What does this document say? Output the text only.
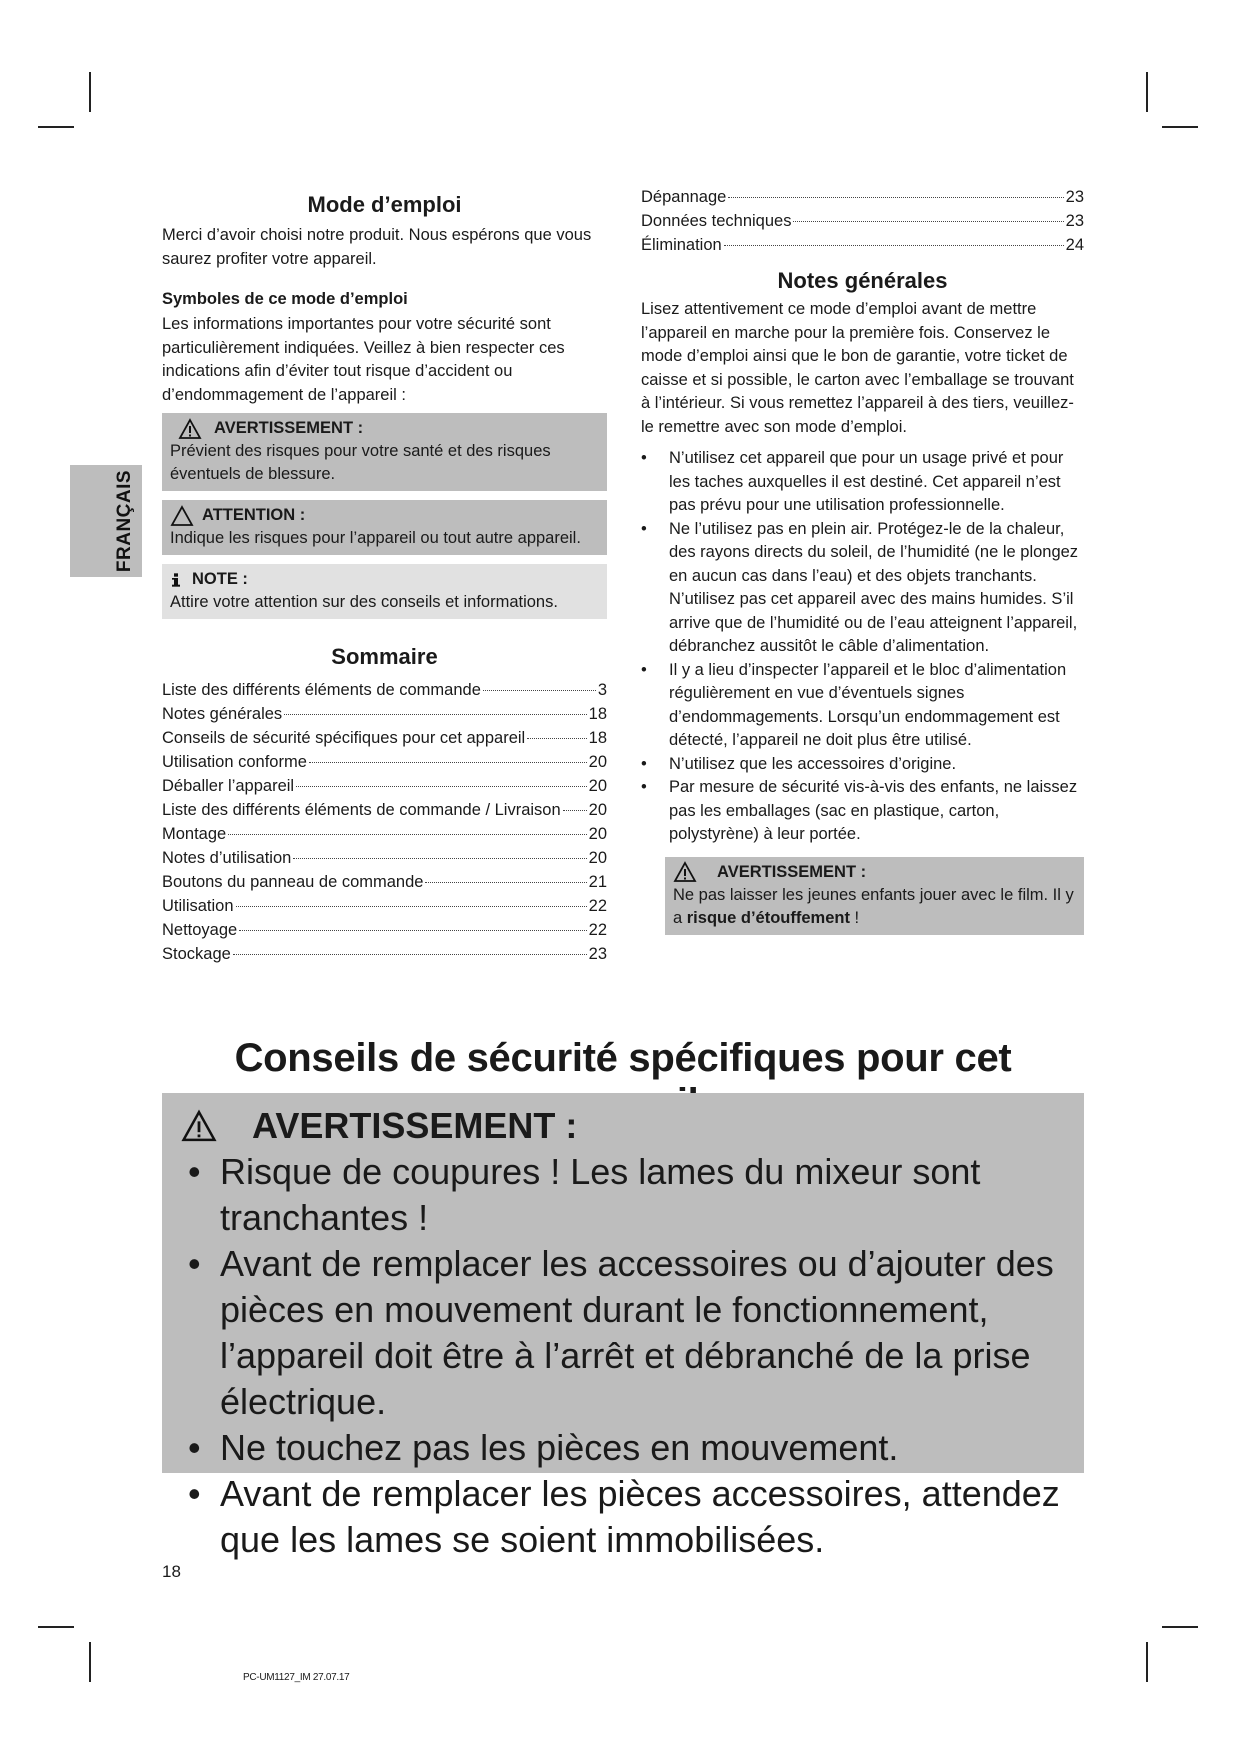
FRANÇAIS
Mode d’emploi

Merci d’avoir choisi notre produit. Nous espérons que vous saurez profiter votre appareil.

Symboles de ce mode d’emploi

Les informations importantes pour votre sécurité sont particulièrement indiquées. Veillez à bien respecter ces indications afin d’éviter tout risque d’accident ou d’endommagement de l’appareil :

AVERTISSEMENT :
Prévient des risques pour votre santé et des risques éventuels de blessure.
ATTENTION :
Indique les risques pour l’appareil ou tout autre appareil.
NOTE :
Attire votre attention sur des conseils et informations.
Sommaire
Liste des différents éléments de commande	3
Notes générales	18
Conseils de sécurité spécifiques pour cet appareil	18
Utilisation conforme	20
Déballer l’appareil	20
Liste des différents éléments de commande / Livraison 20
Montage	20
Notes d’utilisation	20
Boutons du panneau de commande	21
Utilisation	22
Nettoyage	22
Stockage	23
Dépannage	23
Données techniques	23
Élimination	24
Notes générales

Lisez attentivement ce mode d’emploi avant de mettre l’appareil en marche pour la première fois. Conservez le mode d’emploi ainsi que le bon de garantie, votre ticket de caisse et si possible, le carton avec l’emballage se trouvant à l’intérieur. Si vous remettez l’appareil à des tiers, veuillez-le remettre avec son mode d’emploi.

• N’utilisez cet appareil que pour un usage privé et pour les taches auxquelles il est destiné. Cet appareil n’est pas prévu pour une utilisation professionnelle.
• Ne l’utilisez pas en plein air. Protégez-le de la chaleur, des rayons directs du soleil, de l’humidité (ne le plongez en aucun cas dans l’eau) et des objets tranchants. N’utilisez pas cet appareil avec des mains humides. S’il arrive que de l’humidité ou de l’eau atteignent l’appareil, débranchez aussitôt le câble d’alimentation.
• Il y a lieu d’inspecter l’appareil et le bloc d’alimentation régulièrement en vue d’éventuels signes d’endommagements. Lorsqu’un endommagement est détecté, l’appareil ne doit plus être utilisé.
• N’utilisez que les accessoires d’origine.
• Par mesure de sécurité vis-à-vis des enfants, ne laissez pas les emballages (sac en plastique, carton, polystyrène) à leur portée.
AVERTISSEMENT :
Ne pas laisser les jeunes enfants jouer avec le film. Il y a risque d’étouffement !
Conseils de sécurité spécifiques pour cet
AVERTISSEMENT :
• Risque de coupures ! Les lames du mixeur sont tranchantes !
• Avant de remplacer les accessoires ou d’ajouter des pièces en mouvement durant le fonctionnement, l’appareil doit être à l’arrêt et débranché de la prise électrique.
• Ne touchez pas les pièces en mouvement.
• Avant de remplacer les pièces accessoires, attendez que les lames se soient immobilisées.
18
PC-UM1127_IM 27.07.17
